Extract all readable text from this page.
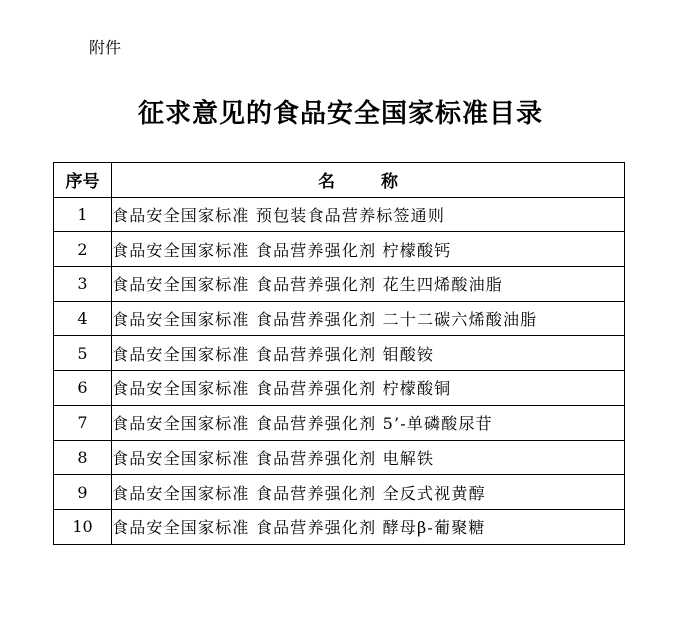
附件
征求意见的食品安全国家标准目录
序号	名 称
1	食品安全国家标准 预包装食品营养标签通则
2	食品安全国家标准 食品营养强化剂 柠檬酸钙
3	食品安全国家标准 食品营养强化剂 花生四烯酸油脂
4	食品安全国家标准 食品营养强化剂 二十二碳六烯酸油脂
5	食品安全国家标准 食品营养强化剂 钼酸铵
6	食品安全国家标准 食品营养强化剂 柠檬酸铜
7	食品安全国家标准 食品营养强化剂 5’-单磷酸尿苷
8	食品安全国家标准 食品营养强化剂 电解铁
9	食品安全国家标准 食品营养强化剂 全反式视黄醇
10	食品安全国家标准 食品营养强化剂 酵母β-葡聚糖
